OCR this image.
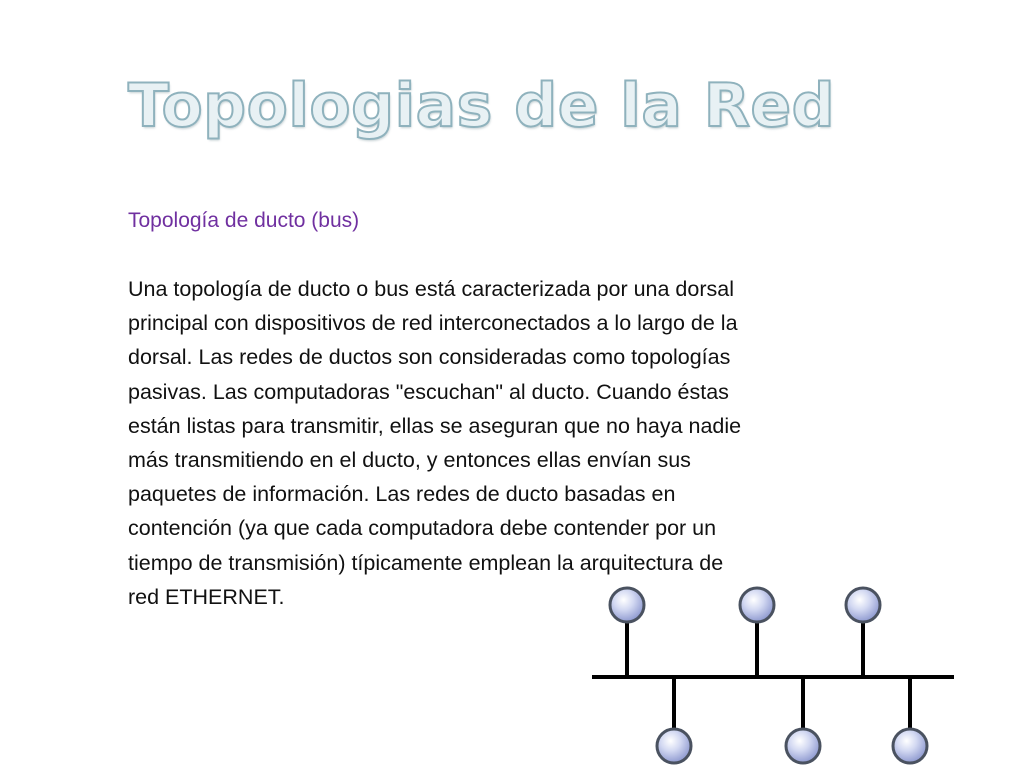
Topologias de la Red
Topología de ducto (bus)
Una topología de ducto o bus está caracterizada por una dorsal
principal con dispositivos de red interconectados a lo largo de la
dorsal. Las redes de ductos son consideradas como topologías
pasivas. Las computadoras "escuchan" al ducto. Cuando éstas
están listas para transmitir, ellas se aseguran que no haya nadie
más transmitiendo en el ducto, y entonces ellas envían sus
paquetes de información. Las redes de ducto basadas en
contención (ya que cada computadora debe contender por un
tiempo de transmisión) típicamente emplean la arquitectura de
red ETHERNET.
